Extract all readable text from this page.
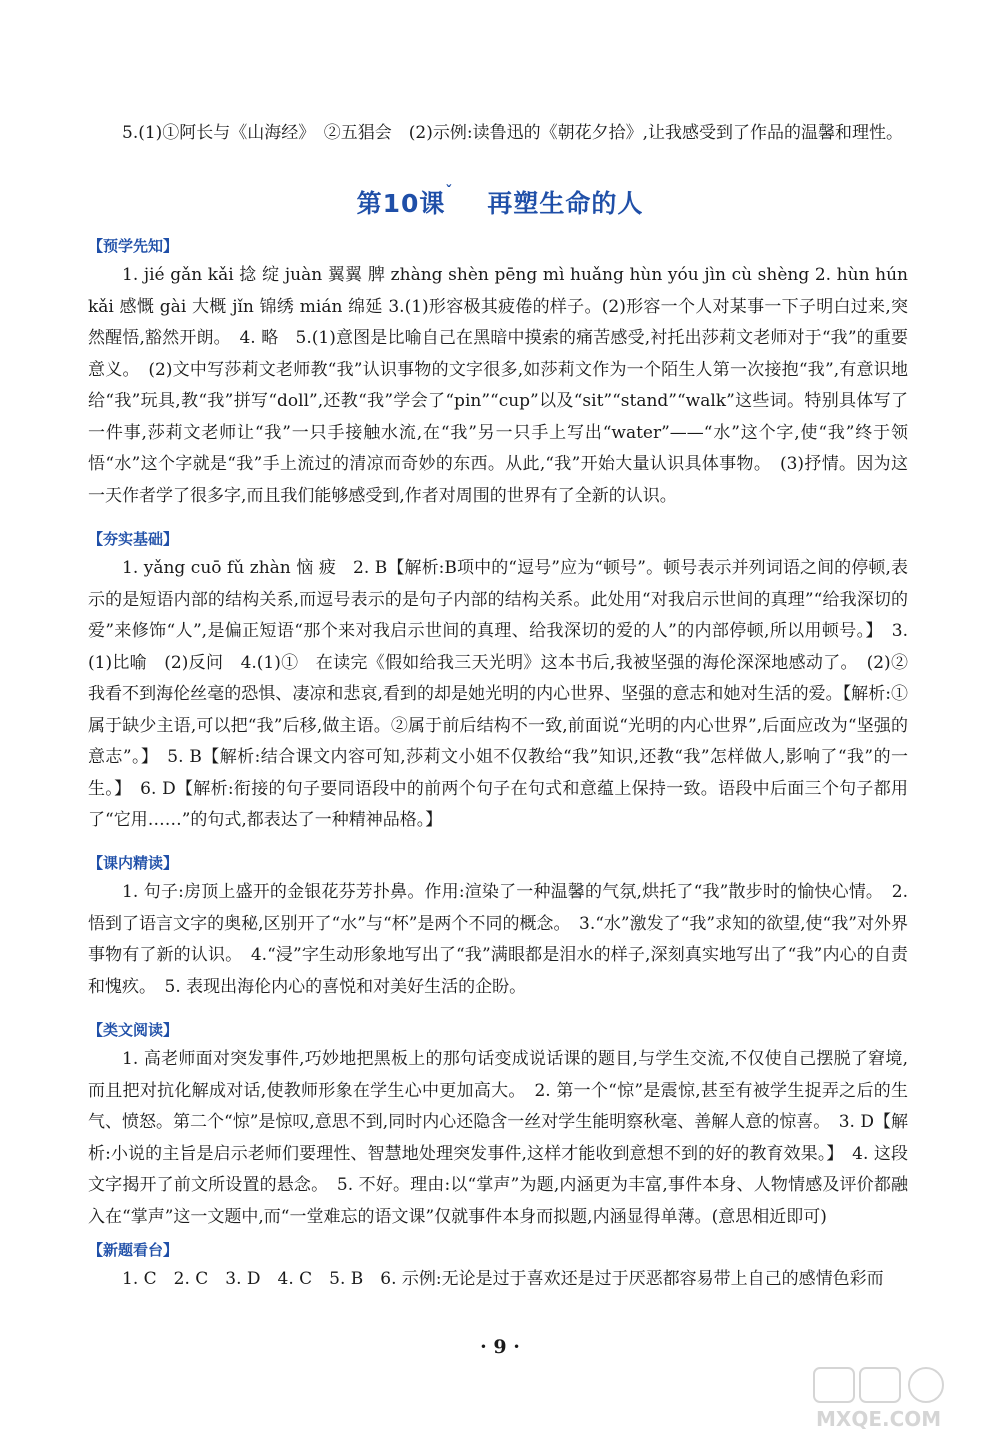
5.(1)①阿长与《山海经》　②五猖会　(2)示例:读鲁迅的《朝花夕拾》,让我感受到了作品的温馨和理性。

第10课$^ˇ$ 再塑生命的人
【预学先知】

1. jié gǎn kǎi 捻 绽 juàn 翼翼 脾 zhàng shèn pēng mì huǎng hùn yóu jìn cù shèng 2. hùn hún kǎi 感慨 gài 大概 jǐn 锦绣 mián 绵延 3.(1)形容极其疲倦的样子。(2)形容一个人对某事一下子明白过来,突然醒悟,豁然开朗。　4. 略　5.(1)意图是比喻自己在黑暗中摸索的痛苦感受,衬托出莎莉文老师对于“我”的重要意义。　(2)文中写莎莉文老师教“我”认识事物的文字很多,如莎莉文作为一个陌生人第一次接抱“我”,有意识地给“我”玩具,教“我”拼写“doll”,还教“我”学会了“pin”“cup”以及“sit”“stand”“walk”这些词。特别具体写了一件事,莎莉文老师让“我”一只手接触水流,在“我”另一只手上写出“water”——“水”这个字,使“我”终于领悟“水”这个字就是“我”手上流过的清凉而奇妙的东西。从此,“我”开始大量认识具体事物。　(3)抒情。因为这一天作者学了很多字,而且我们能够感受到,作者对周围的世界有了全新的认识。

【夯实基础】

1. yǎng cuō fǔ zhàn 恼 疲　2. B【解析:B项中的“逗号”应为“顿号”。顿号表示并列词语之间的停顿,表示的是短语内部的结构关系,而逗号表示的是句子内部的结构关系。此处用“对我启示世间的真理”“给我深切的爱”来修饰“人”,是偏正短语“那个来对我启示世间的真理、给我深切的爱的人”的内部停顿,所以用顿号。】　3.(1)比喻　(2)反问　4.(1)①　在读完《假如给我三天光明》这本书后,我被坚强的海伦深深地感动了。　(2)②　我看不到海伦丝毫的恐惧、凄凉和悲哀,看到的却是她光明的内心世界、坚强的意志和她对生活的爱。【解析:①属于缺少主语,可以把“我”后移,做主语。②属于前后结构不一致,前面说“光明的内心世界”,后面应改为“坚强的意志”。】　5. B【解析:结合课文内容可知,莎莉文小姐不仅教给“我”知识,还教“我”怎样做人,影响了“我”的一生。】　6. D【解析:衔接的句子要同语段中的前两个句子在句式和意蕴上保持一致。语段中后面三个句子都用了“它用……”的句式,都表达了一种精神品格。】

【课内精读】

1. 句子:房顶上盛开的金银花芬芳扑鼻。作用:渲染了一种温馨的气氛,烘托了“我”散步时的愉快心情。　2. 悟到了语言文字的奥秘,区别开了“水”与“杯”是两个不同的概念。　3.“水”激发了“我”求知的欲望,使“我”对外界事物有了新的认识。　4.“浸”字生动形象地写出了“我”满眼都是泪水的样子,深刻真实地写出了“我”内心的自责和愧疚。　5. 表现出海伦内心的喜悦和对美好生活的企盼。

【类文阅读】

1. 高老师面对突发事件,巧妙地把黑板上的那句话变成说话课的题目,与学生交流,不仅使自己摆脱了窘境,而且把对抗化解成对话,使教师形象在学生心中更加高大。　2. 第一个“惊”是震惊,甚至有被学生捉弄之后的生气、愤怒。第二个“惊”是惊叹,意思不到,同时内心还隐含一丝对学生能明察秋毫、善解人意的惊喜。　3. D【解析:小说的主旨是启示老师们要理性、智慧地处理突发事件,这样才能收到意想不到的好的教育效果。】　4. 这段文字揭开了前文所设置的悬念。　5. 不好。理由:以“掌声”为题,内涵更为丰富,事件本身、人物情感及评价都融入在“掌声”这一文题中,而“一堂难忘的语文课”仅就事件本身而拟题,内涵显得单薄。(意思相近即可)

【新题看台】

1. C　2. C　3. D　4. C　5. B　6. 示例:无论是过于喜欢还是过于厌恶都容易带上自己的感情色彩而

· 9 ·
MXQE.COM
